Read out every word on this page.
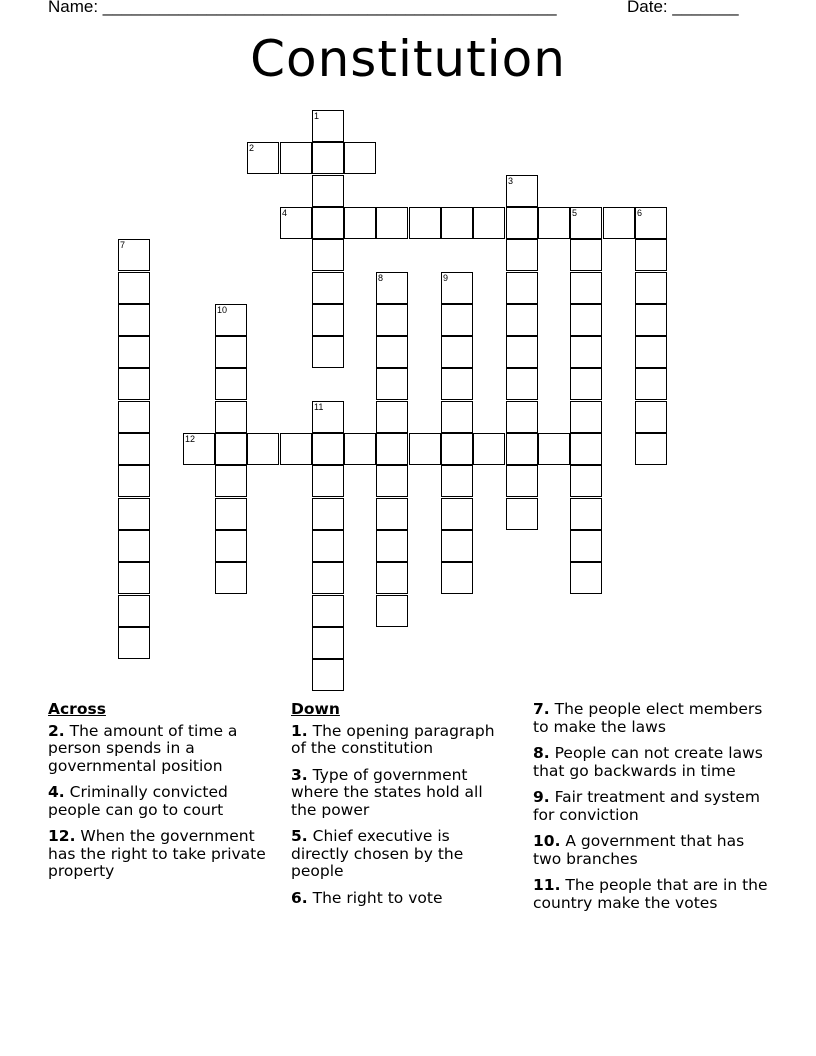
Name: ________________________________________________	Date: _______
Constitution
1
2
3
4	5	6
7
8	9
10
11
12
Across
2. The amount of time a person spends in a governmental position
4. Criminally convicted people can go to court
12. When the government has the right to take private property
Down
1. The opening paragraph of the constitution
3. Type of government where the states hold all the power
5. Chief executive is directly chosen by the people
6. The right to vote
7. The people elect members to make the laws
8. People can not create laws that go backwards in time
9. Fair treatment and system for conviction
10. A government that has two branches
11. The people that are in the country make the votes
